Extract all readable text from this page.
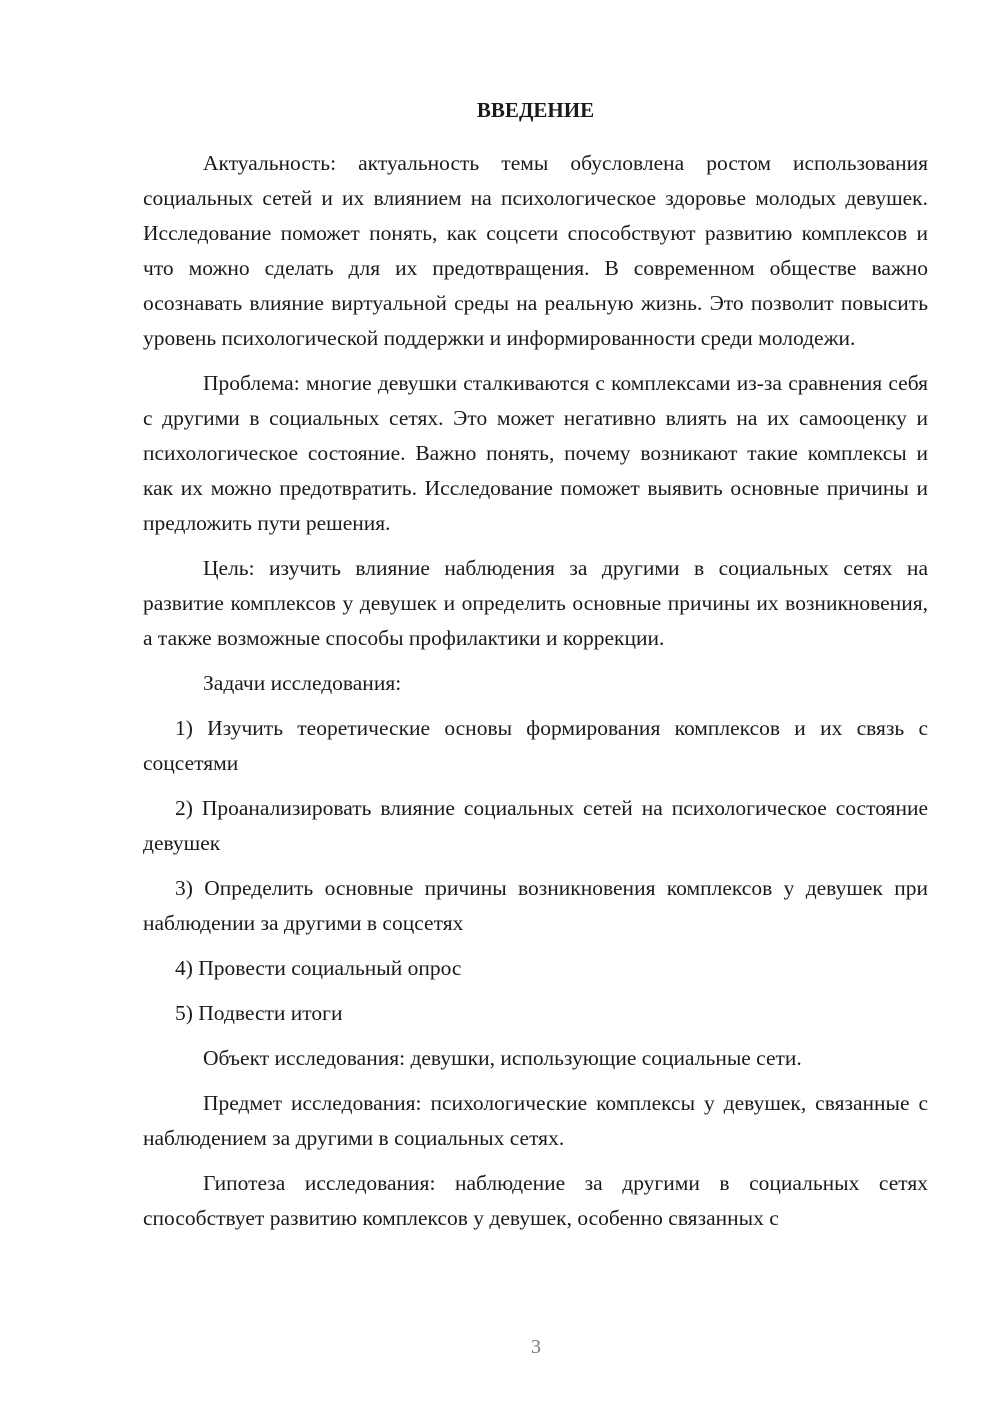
ВВЕДЕНИЕ

Актуальность: актуальность темы обусловлена ростом использования социальных сетей и их влиянием на психологическое здоровье молодых девушек. Исследование поможет понять, как соцсети способствуют развитию комплексов и что можно сделать для их предотвращения. В современном обществе важно осознавать влияние виртуальной среды на реальную жизнь. Это позволит повысить уровень психологической поддержки и информированности среди молодежи.

Проблема: многие девушки сталкиваются с комплексами из-за сравнения себя с другими в социальных сетях. Это может негативно влиять на их самооценку и психологическое состояние. Важно понять, почему возникают такие комплексы и как их можно предотвратить. Исследование поможет выявить основные причины и предложить пути решения.

Цель: изучить влияние наблюдения за другими в социальных сетях на развитие комплексов у девушек и определить основные причины их возникновения, а также возможные способы профилактики и коррекции.

Задачи исследования:

1) Изучить теоретические основы формирования комплексов и их связь с соцсетями

2) Проанализировать влияние социальных сетей на психологическое состояние девушек

3) Определить основные причины возникновения комплексов у девушек при наблюдении за другими в соцсетях

4) Провести социальный опрос

5) Подвести итоги

Объект исследования: девушки, использующие социальные сети.

Предмет исследования: психологические комплексы у девушек, связанные с наблюдением за другими в социальных сетях.

Гипотеза исследования: наблюдение за другими в социальных сетях способствует развитию комплексов у девушек, особенно связанных с

3
